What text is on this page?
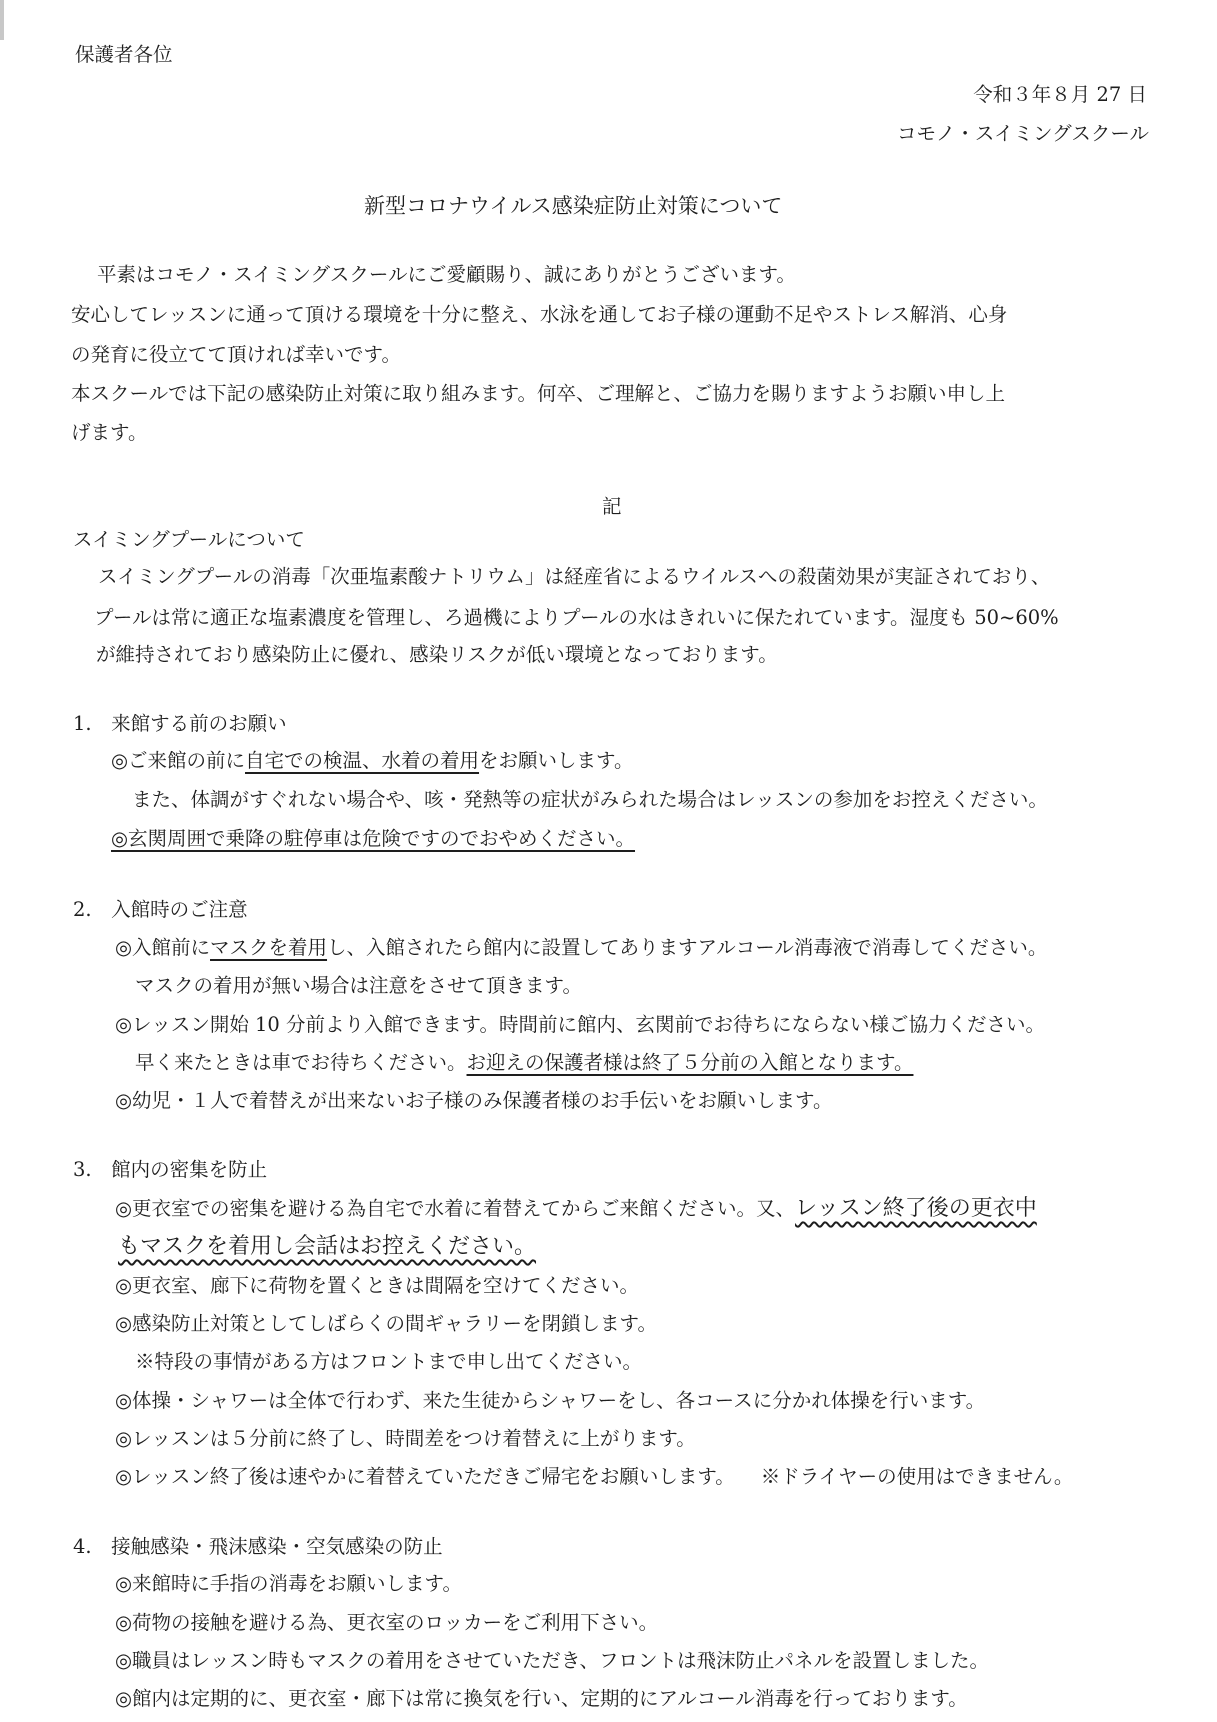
保護者各位
令和３年８月 27 日
コモノ・スイミングスクール
新型コロナウイルス感染症防止対策について
平素はコモノ・スイミングスクールにご愛顧賜り、誠にありがとうございます。
安心してレッスンに通って頂ける環境を十分に整え、水泳を通してお子様の運動不足やストレス解消、心身
の発育に役立てて頂ければ幸いです。
本スクールでは下記の感染防止対策に取り組みます。何卒、ご理解と、ご協力を賜りますようお願い申し上
げます。
記
スイミングプールについて
スイミングプールの消毒「次亜塩素酸ナトリウム」は経産省によるウイルスへの殺菌効果が実証されており、
プールは常に適正な塩素濃度を管理し、ろ過機によりプールの水はきれいに保たれています。湿度も 50~60%
が維持されており感染防止に優れ、感染リスクが低い環境となっております。
1.　来館する前のお願い
◎ご来館の前に自宅での検温、水着の着用をお願いします。
また、体調がすぐれない場合や、咳・発熱等の症状がみられた場合はレッスンの参加をお控えください。
◎玄関周囲で乗降の駐停車は危険ですのでおやめください。
2.　入館時のご注意
◎入館前にマスクを着用し、入館されたら館内に設置してありますアルコール消毒液で消毒してください。
マスクの着用が無い場合は注意をさせて頂きます。
◎レッスン開始 10 分前より入館できます。時間前に館内、玄関前でお待ちにならない様ご協力ください。
早く来たときは車でお待ちください。お迎えの保護者様は終了５分前の入館となります。
◎幼児・１人で着替えが出来ないお子様のみ保護者様のお手伝いをお願いします。
3.　館内の密集を防止
◎更衣室での密集を避ける為自宅で水着に着替えてからご来館ください。又、レッスン終了後の更衣中
もマスクを着用し会話はお控えください。
◎更衣室、廊下に荷物を置くときは間隔を空けてください。
◎感染防止対策としてしばらくの間ギャラリーを閉鎖します。
※特段の事情がある方はフロントまで申し出てください。
◎体操・シャワーは全体で行わず、来た生徒からシャワーをし、各コースに分かれ体操を行います。
◎レッスンは５分前に終了し、時間差をつけ着替えに上がります。
◎レッスン終了後は速やかに着替えていただきご帰宅をお願いします。 ※ドライヤーの使用はできません。
4.　接触感染・飛沫感染・空気感染の防止
◎来館時に手指の消毒をお願いします。
◎荷物の接触を避ける為、更衣室のロッカーをご利用下さい。
◎職員はレッスン時もマスクの着用をさせていただき、フロントは飛沫防止パネルを設置しました。
◎館内は定期的に、更衣室・廊下は常に換気を行い、定期的にアルコール消毒を行っております。
